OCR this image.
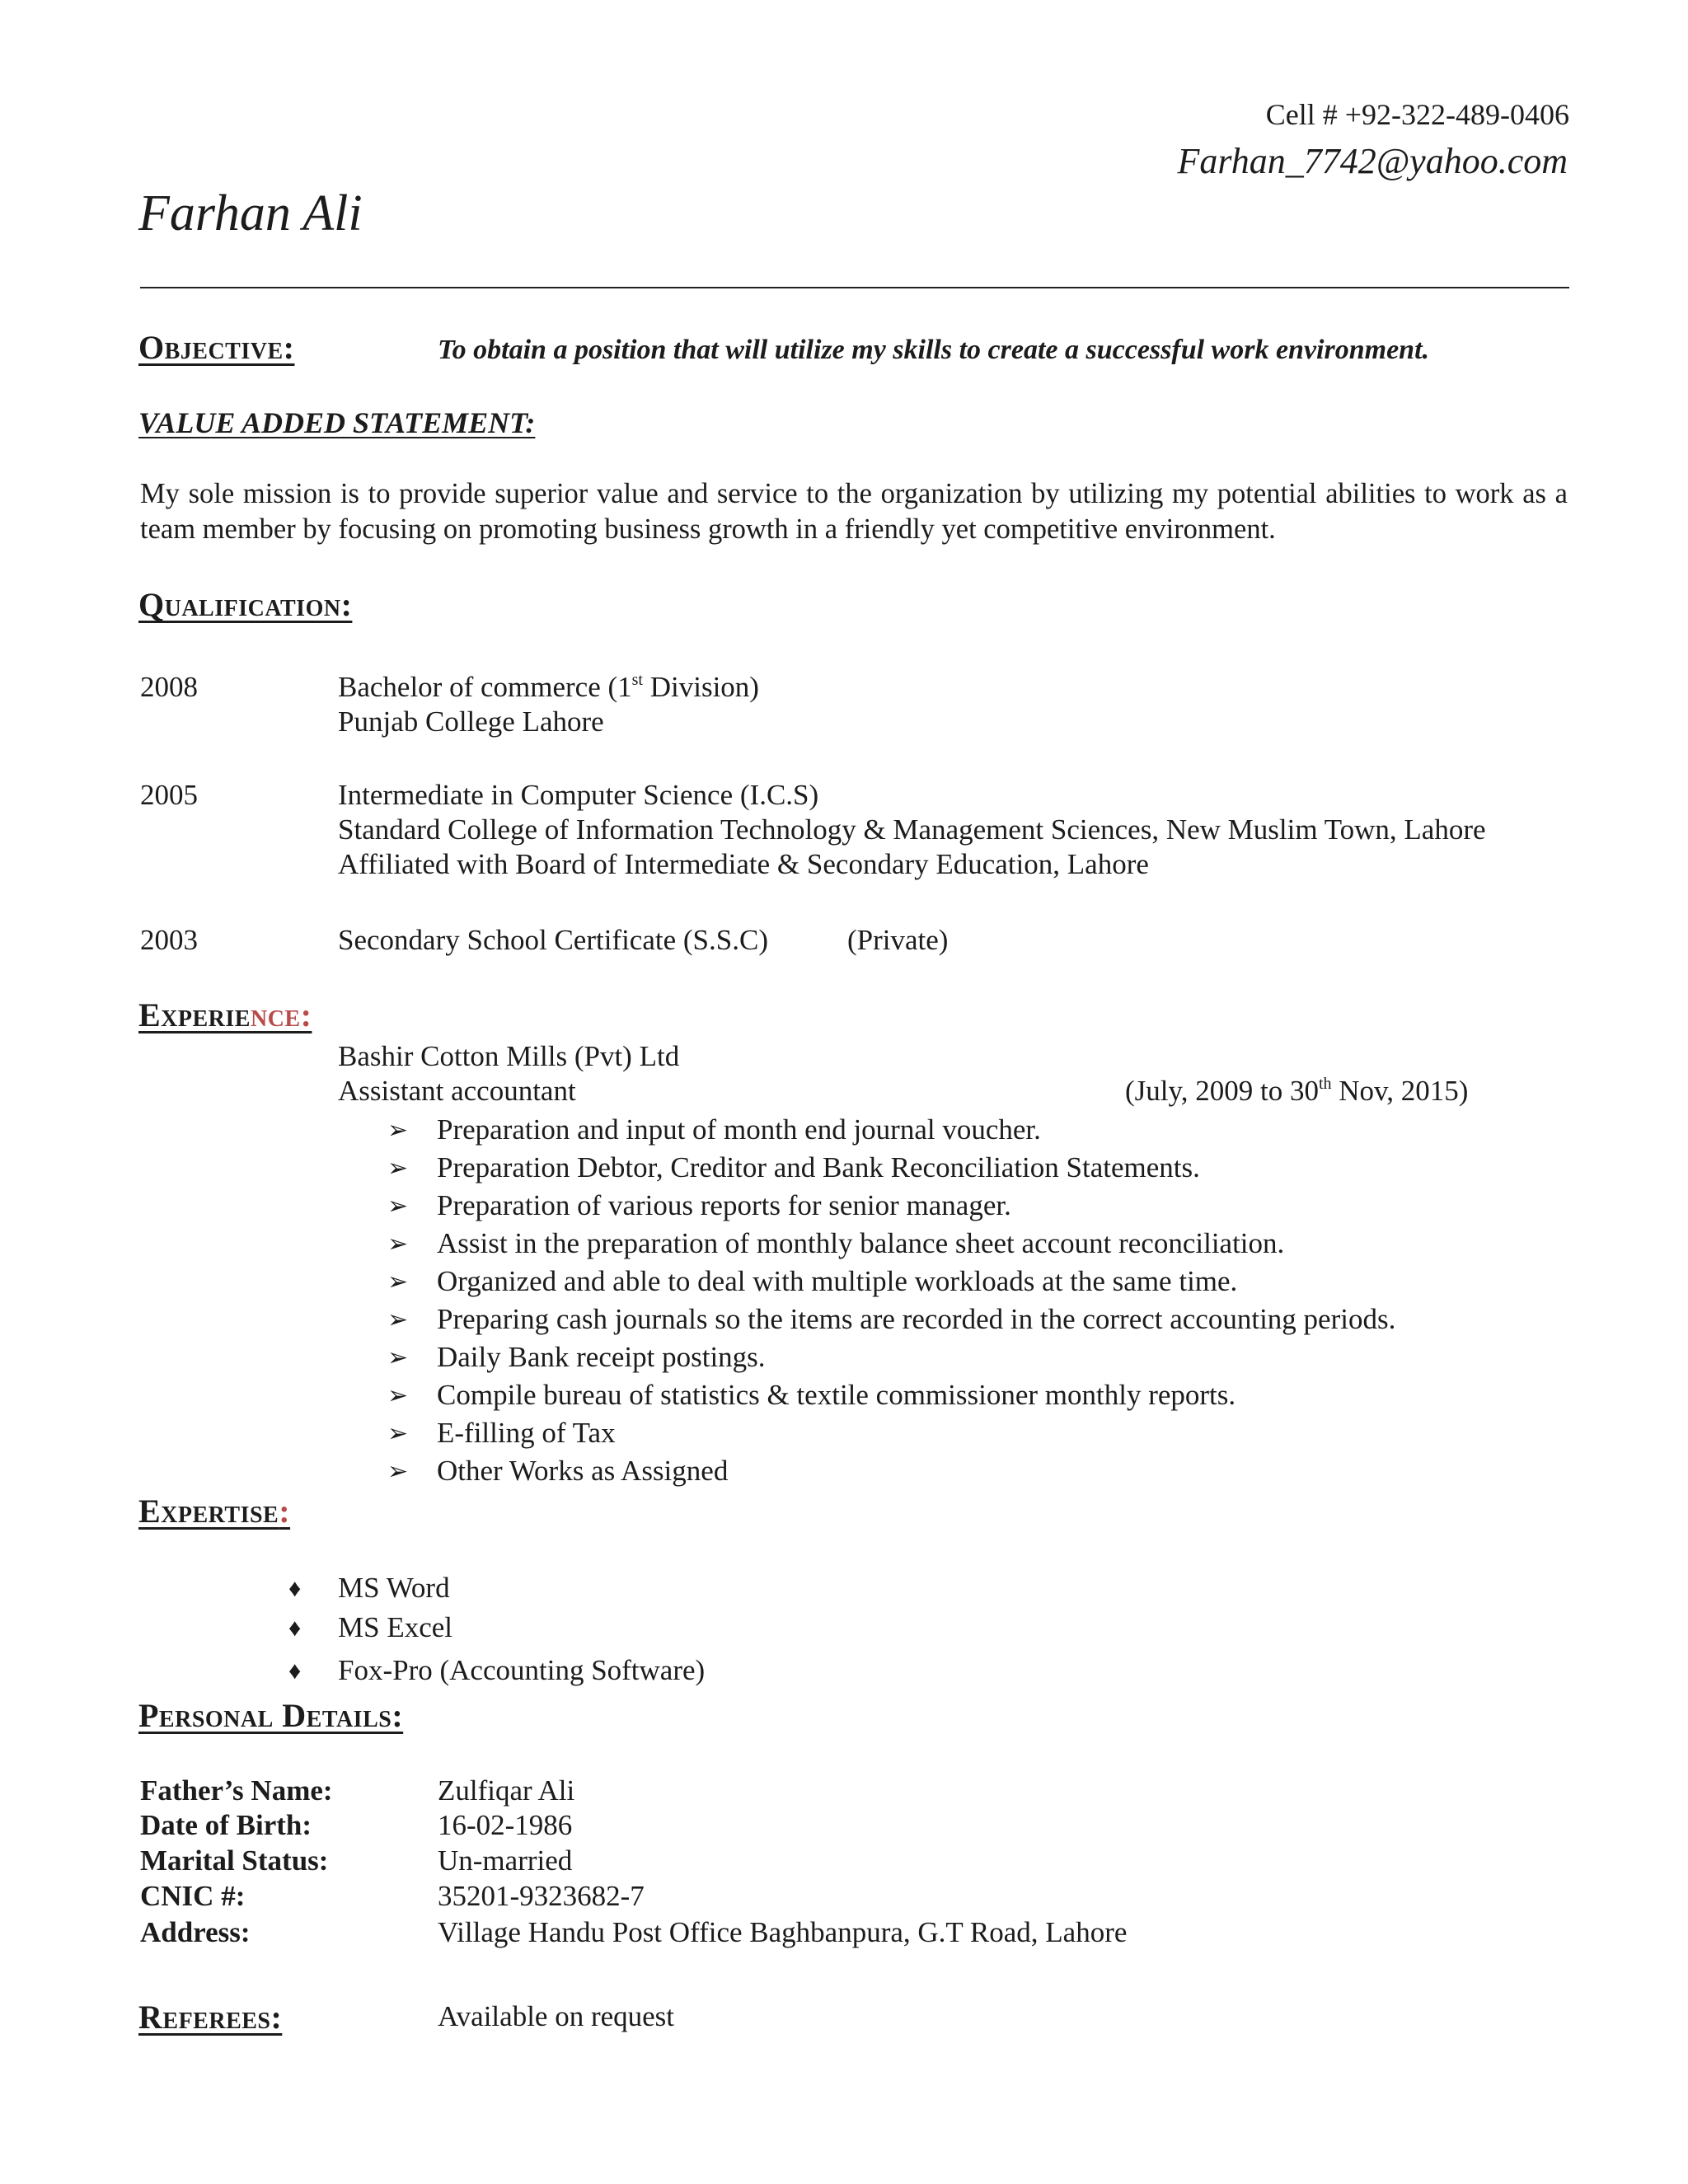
Cell # +92-322-489-0406
Farhan_7742@yahoo.com
Farhan Ali
Objective:	To obtain a position that will utilize my skills to create a successful work environment.
VALUE ADDED STATEMENT:
My sole mission is to provide superior value and service to the organization by utilizing my potential abilities to work as a team member by focusing on promoting business growth in a friendly yet competitive environment.
Qualification:
2008	Bachelor of commerce (1st Division)
Punjab College Lahore
2005	Intermediate in Computer Science (I.C.S)
Standard College of Information Technology & Management Sciences, New Muslim Town, Lahore
Affiliated with Board of Intermediate & Secondary Education, Lahore
2003	Secondary School Certificate (S.S.C)	(Private)
Experience:
Bashir Cotton Mills (Pvt) Ltd
Assistant accountant	(July, 2009 to 30th Nov, 2015)
➢ Preparation and input of month end journal voucher.
➢ Preparation Debtor, Creditor and Bank Reconciliation Statements.
➢ Preparation of various reports for senior manager.
➢ Assist in the preparation of monthly balance sheet account reconciliation.
➢ Organized and able to deal with multiple workloads at the same time.
➢ Preparing cash journals so the items are recorded in the correct accounting periods.
➢ Daily Bank receipt postings.
➢ Compile bureau of statistics & textile commissioner monthly reports.
➢ E-filling of Tax
➢ Other Works as Assigned
Expertise:
♦ MS Word
♦ MS Excel
♦ Fox-Pro (Accounting Software)
Personal Details:
Father’s Name:	Zulfiqar Ali
Date of Birth:	16-02-1986
Marital Status:	Un-married
CNIC #:	35201-9323682-7
Address:	Village Handu Post Office Baghbanpura, G.T Road, Lahore
Referees:	Available on request
